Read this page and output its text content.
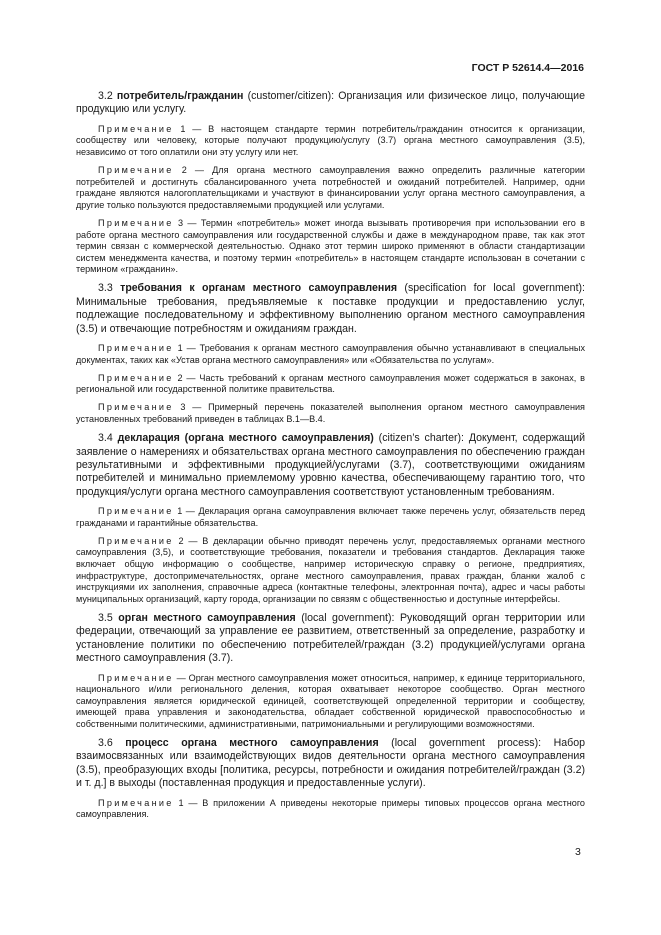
ГОСТ Р 52614.4—2016

3.2 потребитель/гражданин (customer/citizen): Организация или физическое лицо, получающие продукцию или услугу.

Примечание 1 — В настоящем стандарте термин потребитель/гражданин относится к организации, сообществу или человеку, которые получают продукцию/услугу (3.7) органа местного самоуправления (3.5), независимо от того оплатили они эту услугу или нет.

Примечание 2 — Для органа местного самоуправления важно определить различные категории потребителей и достигнуть сбалансированного учета потребностей и ожиданий потребителей. Например, одни граждане являются налогоплательщиками и участвуют в финансировании услуг органа местного самоуправления, а другие только пользуются предоставляемыми продукцией или услугами.

Примечание 3 — Термин «потребитель» может иногда вызывать противоречия при использовании его в работе органа местного самоуправления или государственной службы и даже в международном праве, так как этот термин связан с коммерческой деятельностью. Однако этот термин широко применяют в области стандартизации систем менеджмента качества, и поэтому термин «потребитель» в настоящем стандарте использован в сочетании с термином «гражданин».

3.3 требования к органам местного самоуправления (specification for local government): Минимальные требования, предъявляемые к поставке продукции и предоставлению услуг, подлежащие последовательному и эффективному выполнению органом местного самоуправления (3.5) и отвечающие потребностям и ожиданиям граждан.

Примечание 1 — Требования к органам местного самоуправления обычно устанавливают в специальных документах, таких как «Устав органа местного самоуправления» или «Обязательства по услугам».

Примечание 2 — Часть требований к органам местного самоуправления может содержаться в законах, в региональной или государственной политике правительства.

Примечание 3 — Примерный перечень показателей выполнения органом местного самоуправления установленных требований приведен в таблицах В.1—В.4.

3.4 декларация (органа местного самоуправления) (citizen’s charter): Документ, содержащий заявление о намерениях и обязательствах органа местного самоуправления по обеспечению граждан результативными и эффективными продукцией/услугами (3.7), соответствующими ожиданиям потребителей и минимально приемлемому уровню качества, обеспечивающему гарантию того, что продукция/услуги органа местного самоуправления соответствуют установленным требованиям.

Примечание 1 — Декларация органа самоуправления включает также перечень услуг, обязательств перед гражданами и гарантийные обязательства.

Примечание 2 — В декларации обычно приводят перечень услуг, предоставляемых органами местного самоуправления (3,5), и соответствующие требования, показатели и требования стандартов. Декларация также включает общую информацию о сообществе, например историческую справку о регионе, предприятиях, инфраструктуре, достопримечательностях, органе местного самоуправления, правах граждан, бланки жалоб с инструкциями их заполнения, справочные адреса (контактные телефоны, электронная почта), адрес и часы работы муниципальных организаций, карту города, организации по связям с общественностью и доступные интерфейсы.

3.5 орган местного самоуправления (local government): Руководящий орган территории или федерации, отвечающий за управление ее развитием, ответственный за определение, разработку и установление политики по обеспечению потребителей/граждан (3.2) продукцией/услугами органа местного самоуправления (3.7).

Примечание — Орган местного самоуправления может относиться, например, к единице территориального, национального и/или регионального деления, которая охватывает некоторое сообщество. Орган местного самоуправления является юридической единицей, соответствующей определенной территории и сообществу, имеющей права управления и законодательства, обладает собственной юридической правоспособностью и собственными политическими, административными, патримониальными и регулирующими возможностями.

3.6 процесс органа местного самоуправления (local government process): Набор взаимосвязанных или взаимодействующих видов деятельности органа местного самоуправления (3.5), преобразующих входы [политика, ресурсы, потребности и ожидания потребителей/граждан (3.2) и т. д.] в выходы (поставленная продукция и предоставленные услуги).

Примечание 1 — В приложении А приведены некоторые примеры типовых процессов органа местного самоуправления.

3
